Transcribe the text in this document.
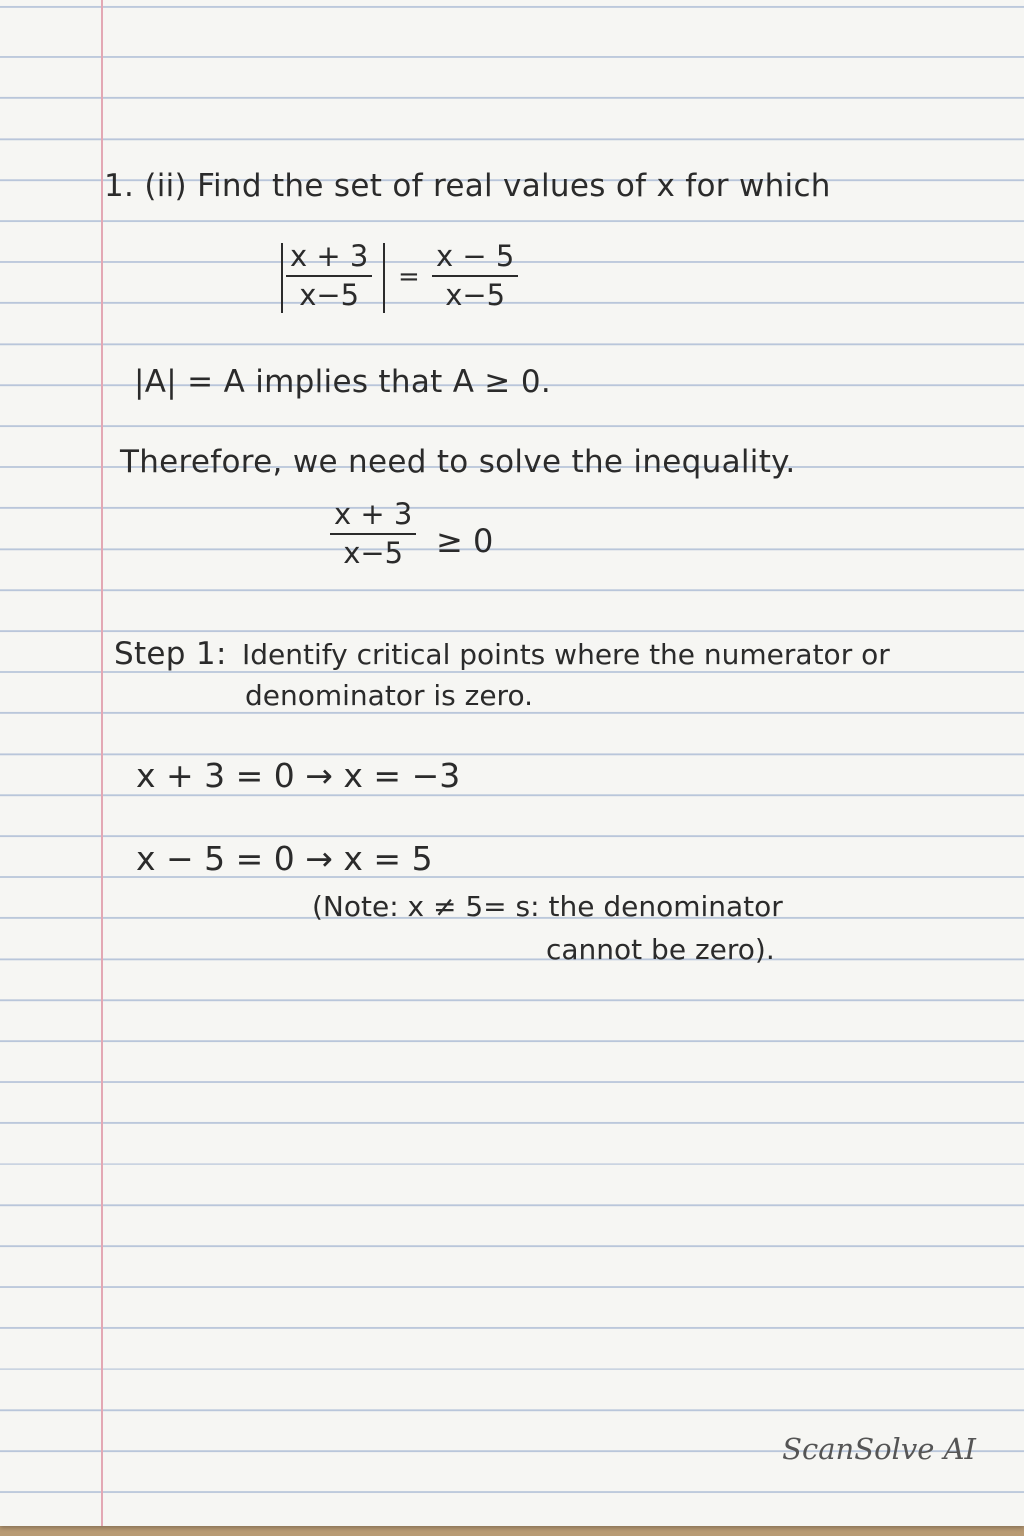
1. (ii) Find the set of real values of x for which
x + 3
x−5
=
x − 5
x−5
|A| = A implies that A ≥ 0.
Therefore, we need to solve the inequality.
x + 3
x−5 ≥ 0
Step 1: Identify critical points where the numerator or
denominator is zero.
x + 3 = 0 → x = −3
x − 5 = 0 → x = 5
(Note: x ≠ 5= s: the denominator
cannot be zero).
ScanSolve AI
